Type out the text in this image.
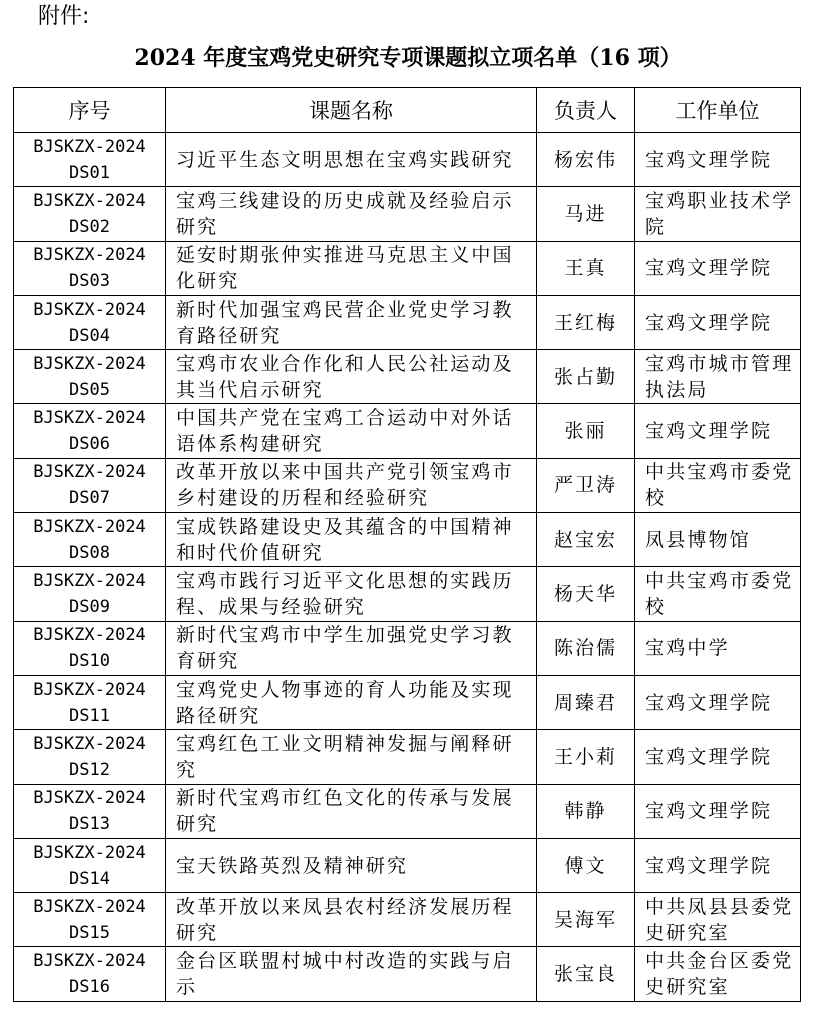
附件:
2024 年度宝鸡党史研究专项课题拟立项名单（16 项）
序号	课题名称	负责人	工作单位

BJSKZX-2024
DS01	习近平生态文明思想在宝鸡实践研究	杨宏伟	宝鸡文理学院

BJSKZX-2024
DS02	宝鸡三线建设的历史成就及经验启示研究	马进	宝鸡职业技术学院

BJSKZX-2024
DS03	延安时期张仲实推进马克思主义中国化研究	王真	宝鸡文理学院

BJSKZX-2024
DS04	新时代加强宝鸡民营企业党史学习教育路径研究	王红梅	宝鸡文理学院

BJSKZX-2024
DS05	宝鸡市农业合作化和人民公社运动及其当代启示研究	张占勤	宝鸡市城市管理执法局

BJSKZX-2024
DS06	中国共产党在宝鸡工合运动中对外话语体系构建研究	张丽	宝鸡文理学院

BJSKZX-2024
DS07	改革开放以来中国共产党引领宝鸡市乡村建设的历程和经验研究	严卫涛	中共宝鸡市委党校

BJSKZX-2024
DS08	宝成铁路建设史及其蕴含的中国精神和时代价值研究	赵宝宏	凤县博物馆

BJSKZX-2024
DS09	宝鸡市践行习近平文化思想的实践历程、成果与经验研究	杨天华	中共宝鸡市委党校

BJSKZX-2024
DS10	新时代宝鸡市中学生加强党史学习教育研究	陈治儒	宝鸡中学

BJSKZX-2024
DS11	宝鸡党史人物事迹的育人功能及实现路径研究	周臻君	宝鸡文理学院

BJSKZX-2024
DS12	宝鸡红色工业文明精神发掘与阐释研究	王小莉	宝鸡文理学院

BJSKZX-2024
DS13	新时代宝鸡市红色文化的传承与发展研究	韩静	宝鸡文理学院

BJSKZX-2024
DS14	宝天铁路英烈及精神研究	傅文	宝鸡文理学院

BJSKZX-2024
DS15	改革开放以来凤县农村经济发展历程研究	吴海军	中共凤县县委党史研究室

BJSKZX-2024
DS16	金台区联盟村城中村改造的实践与启示	张宝良	中共金台区委党史研究室
